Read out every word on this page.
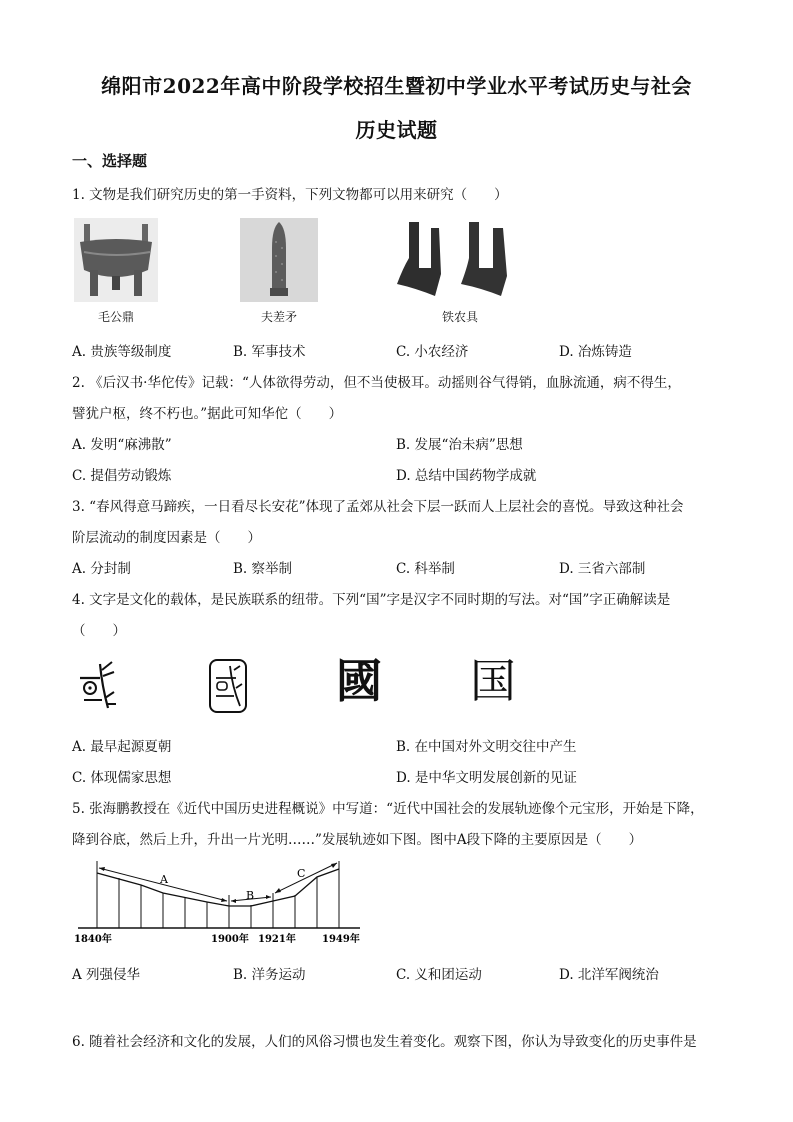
绵阳市2022年高中阶段学校招生暨初中学业水平考试历史与社会
历史试题
一、选择题
1. 文物是我们研究历史的第一手资料，下列文物都可以用来研究（　　）
毛公鼎	夫差矛	铁农具
A. 贵族等级制度	B. 军事技术	C. 小农经济	D. 冶炼铸造
2. 《后汉书·华佗传》记载：“人体欲得劳动，但不当使极耳。动摇则谷气得销，血脉流通，病不得生，
譬犹户枢，终不朽也。”据此可知华佗（　　）
A. 发明“麻沸散”	B. 发展“治未病”思想
C. 提倡劳动锻炼	D. 总结中国药物学成就
3. “春风得意马蹄疾，一日看尽长安花”体现了孟郊从社会下层一跃而人上层社会的喜悦。导致这种社会
阶层流动的制度因素是（　　）
A. 分封制	B. 察举制	C. 科举制	D. 三省六部制
4. 文字是文化的载体，是民族联系的纽带。下列“国”字是汉字不同时期的写法。对“国”字正确解读是
（　　）
國 国
A. 最早起源夏朝	B. 在中国对外文明交往中产生
C. 体现儒家思想	D. 是中华文明发展创新的见证
5. 张海鹏教授在《近代中国历史进程概说》中写道：“近代中国社会的发展轨迹像个元宝形，开始是下降，
降到谷底，然后上升，升出一片光明……”发展轨迹如下图。图中A段下降的主要原因是（　　）
A
B
C
1840年	1900年 1921年	1949年
A 列强侵华	B. 洋务运动	C. 义和团运动	D. 北洋军阀统治
6. 随着社会经济和文化的发展，人们的风俗习惯也发生着变化。观察下图，你认为导致变化的历史事件是
